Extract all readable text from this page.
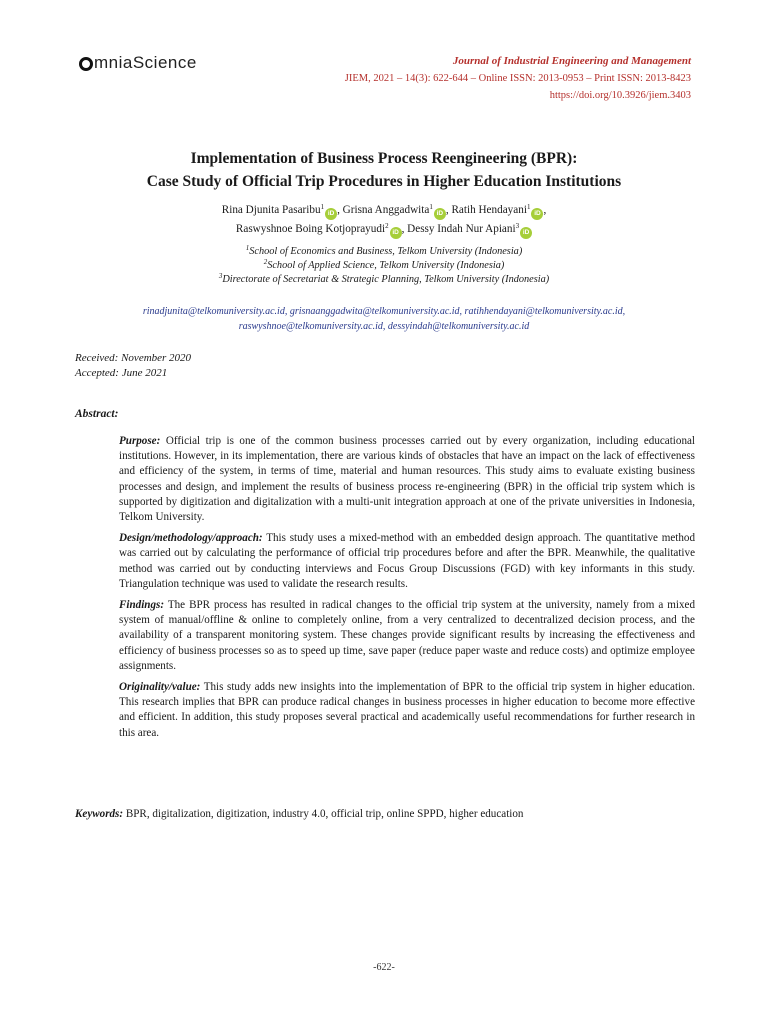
mniaScience	Journal of Industrial Engineering and Management
JIEM, 2021 – 14(3): 622-644 – Online ISSN: 2013-0953 – Print ISSN: 2013-8423
https://doi.org/10.3926/jiem.3403
Implementation of Business Process Reengineering (BPR):
Case Study of Official Trip Procedures in Higher Education Institutions
Rina Djunita Pasaribu$^1$iD , Grisna Anggadwita$^1$iD , Ratih Hendayani$^1$iD ,
Raswyshnoe Boing Kotjoprayudi$^2$iD , Dessy Indah Nur Apiani$^3$iD
$^1$School of Economics and Business, Telkom University (Indonesia)
$^2$School of Applied Science, Telkom University (Indonesia)
$^3$Directorate of Secretariat & Strategic Planning, Telkom University (Indonesia)
rinadjunita@telkomuniversity.ac.id, grisnaanggadwita@telkomuniversity.ac.id, ratihhendayani@telkomuniversity.ac.id,
raswyshnoe@telkomuniversity.ac.id, dessyindah@telkomuniversity.ac.id
Received: November 2020
Accepted: June 2021
Abstract:

Purpose: Official trip is one of the common business processes carried out by every organization, including educational institutions. However, in its implementation, there are various kinds of obstacles that have an impact on the lack of effectiveness and efficiency of the system, in terms of time, material and human resources. This study aims to evaluate existing business processes and design, and implement the results of business process re-engineering (BPR) in the official trip system which is supported by digitization and digitalization with a multi-unit integration approach at one of the private universities in Indonesia, Telkom University.

Design/methodology/approach: This study uses a mixed-method with an embedded design approach. The quantitative method was carried out by calculating the performance of official trip procedures before and after the BPR. Meanwhile, the qualitative method was carried out by conducting interviews and Focus Group Discussions (FGD) with key informants in this study. Triangulation technique was used to validate the research results.

Findings: The BPR process has resulted in radical changes to the official trip system at the university, namely from a mixed system of manual/offline & online to completely online, from a very centralized to decentralized decision process, and the availability of a transparent monitoring system. These changes provide significant results by increasing the effectiveness and efficiency of business processes so as to speed up time, save paper (reduce paper waste and reduce costs) and optimize employee assignments.

Originality/value: This study adds new insights into the implementation of BPR to the official trip system in higher education. This research implies that BPR can produce radical changes in business processes in higher education to become more effective and efficient. In addition, this study proposes several practical and academically useful recommendations for further research in this area.

Keywords: BPR, digitalization, digitization, industry 4.0, official trip, online SPPD, higher education
-622-
